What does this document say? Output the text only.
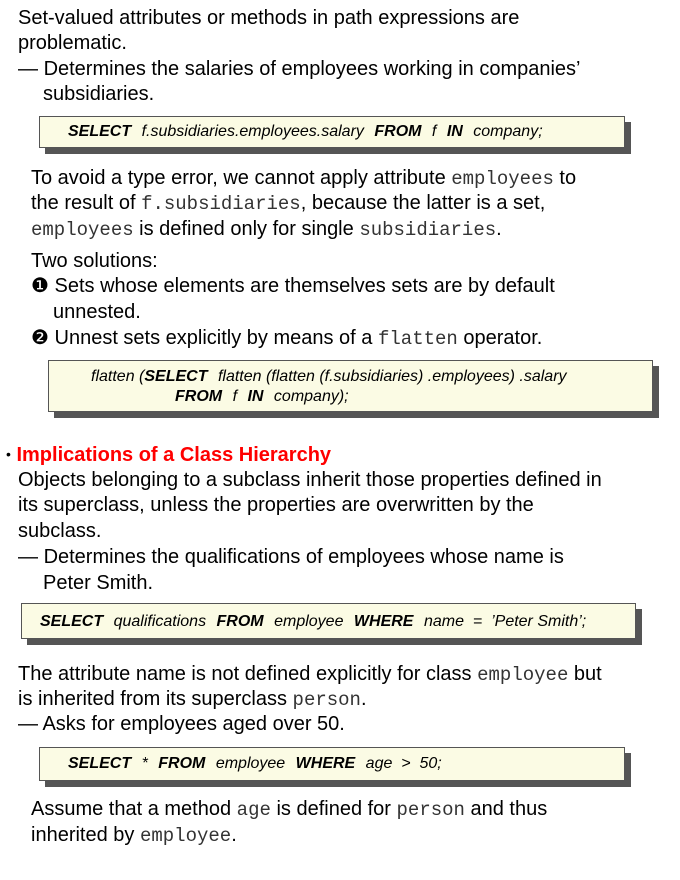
Set-valued attributes or methods in path expressions are
problematic.
— Determines the salaries of employees working in companies’
subsidiaries.
SELECT f.subsidiaries.employees.salary FROM f IN company;
To avoid a type error, we cannot apply attribute employees to
the result of f.subsidiaries, because the latter is a set,
employees is defined only for single subsidiaries.
Two solutions:
❶ Sets whose elements are themselves sets are by default
unnested.
❷ Unnest sets explicitly by means of a flatten operator.
flatten (SELECT flatten (flatten (f.subsidiaries) .employees) .salary
FROM f IN company);
• Implications of a Class Hierarchy
Objects belonging to a subclass inherit those properties defined in
its superclass, unless the properties are overwritten by the
subclass.
— Determines the qualifications of employees whose name is
Peter Smith.
SELECT qualifications FROM employee WHERE name  =  ’Peter Smith’;
The attribute name is not defined explicitly for class employee but
is inherited from its superclass person.
— Asks for employees aged over 50.
SELECT * FROM employee WHERE age  >  50;
Assume that a method age is defined for person and thus
inherited by employee.
